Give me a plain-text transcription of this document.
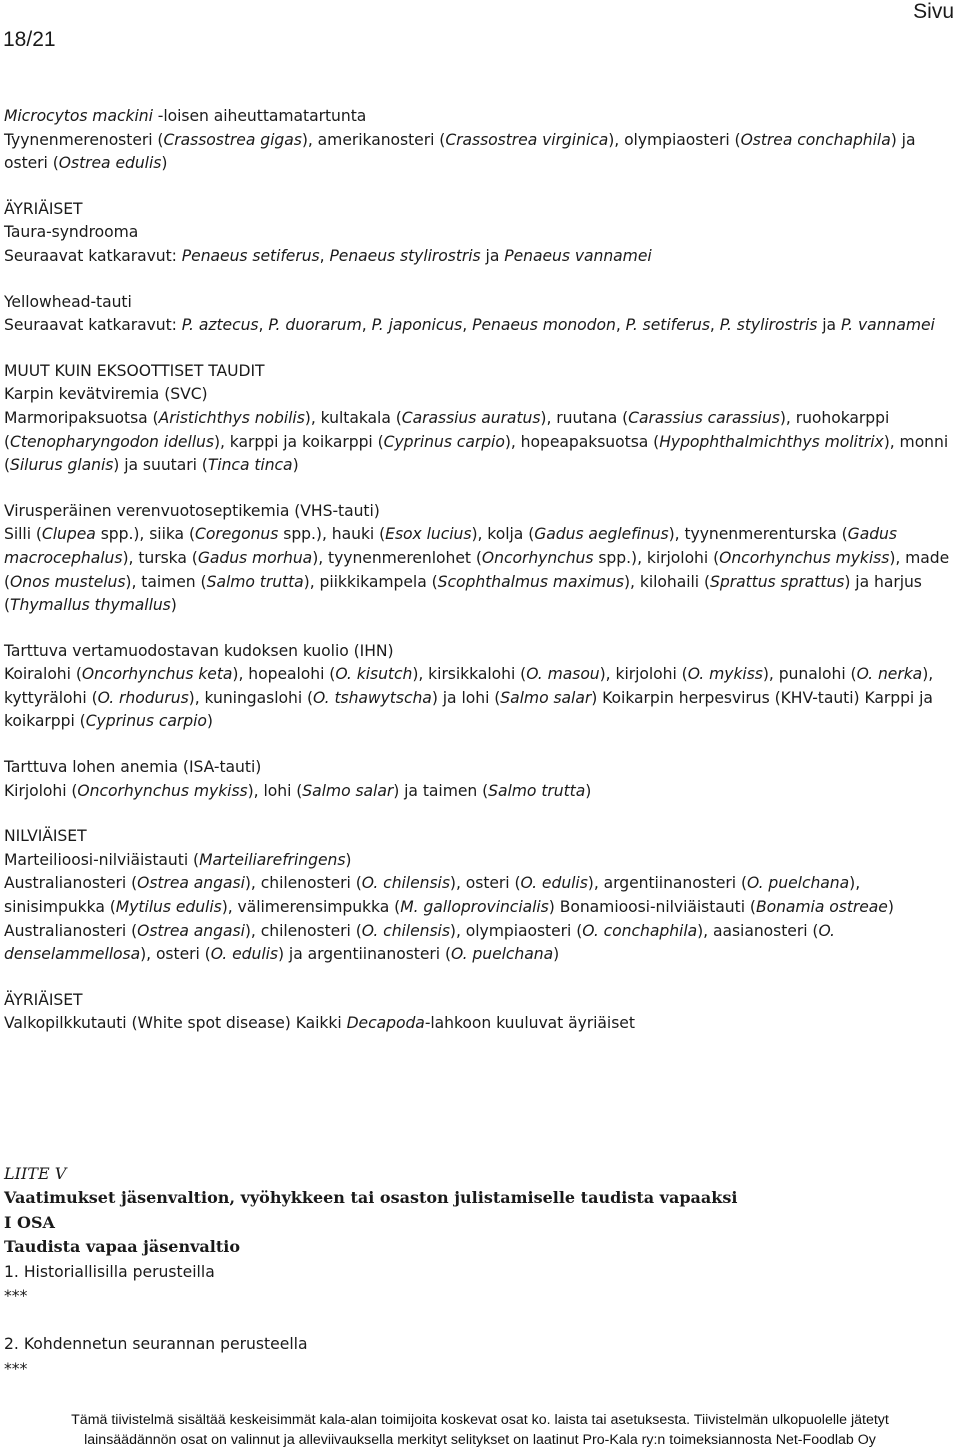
18/21
Sivu
Microcytos mackini -loisen aiheuttamatartunta
Tyynenmerenosteri (Crassostrea gigas), amerikanosteri (Crassostrea virginica), olympiaosteri (Ostrea conchaphila) ja osteri (Ostrea edulis)
ÄYRIÄISET
Taura-syndrooma
Seuraavat katkaravut: Penaeus setiferus, Penaeus stylirostris ja Penaeus vannamei
Yellowhead-tauti
Seuraavat katkaravut: P. aztecus, P. duorarum, P. japonicus, Penaeus monodon, P. setiferus, P. stylirostris ja P. vannamei
MUUT KUIN EKSOOTTISET TAUDIT
Karpin kevätviremia (SVC)
Marmoripaksuotsa (Aristichthys nobilis), kultakala (Carassius auratus), ruutana (Carassius carassius), ruohokarppi (Ctenopharyngodon idellus), karppi ja koikarppi (Cyprinus carpio), hopeapaksuotsa (Hypophthalmichthys molitrix), monni (Silurus glanis) ja suutari (Tinca tinca)
Virusperäinen verenvuotoseptikemia (VHS-tauti)
Silli (Clupea spp.), siika (Coregonus spp.), hauki (Esox lucius), kolja (Gadus aeglefinus), tyynenmerenturska (Gadus macrocephalus), turska (Gadus morhua), tyynenmerenlohet (Oncorhynchus spp.), kirjolohi (Oncorhynchus mykiss), made (Onos mustelus), taimen (Salmo trutta), piikkikampela (Scophthalmus maximus), kilohaili (Sprattus sprattus) ja harjus (Thymallus thymallus)
Tarttuva vertamuodostavan kudoksen kuolio (IHN)
Koiralohi (Oncorhynchus keta), hopealohi (O. kisutch), kirsikkalohi (O. masou), kirjolohi (O. mykiss), punalohi (O. nerka), kyttyrälohi (O. rhodurus), kuningaslohi (O. tshawytscha) ja lohi (Salmo salar) Koikarpin herpesvirus (KHV-tauti) Karppi ja koikarppi (Cyprinus carpio)
Tarttuva lohen anemia (ISA-tauti)
Kirjolohi (Oncorhynchus mykiss), lohi (Salmo salar) ja taimen (Salmo trutta)
NILVIÄISET
Marteilioosi-nilviäistauti (Marteiliarefringens)
Australianosteri (Ostrea angasi), chilenosteri (O. chilensis), osteri (O. edulis), argentiinanosteri (O. puelchana), sinisimpukka (Mytilus edulis), välimerensimpukka (M. galloprovincialis) Bonamioosi-nilviäistauti (Bonamia ostreae) Australianosteri (Ostrea angasi), chilenosteri (O. chilensis), olympiaosteri (O. conchaphila), aasianosteri (O. denselammellosa), osteri (O. edulis) ja argentiinanosteri (O. puelchana)
ÄYRIÄISET
Valkopilkkutauti (White spot disease) Kaikki Decapoda-lahkoon kuuluvat äyriäiset
LIITE V
Vaatimukset jäsenvaltion, vyöhykkeen tai osaston julistamiselle taudista vapaaksi
I OSA
Taudista vapaa jäsenvaltio
1. Historiallisilla perusteilla
***
2. Kohdennetun seurannan perusteella
***
Tämä tiivistelmä sisältää keskeisimmät kala-alan toimijoita koskevat osat ko. laista tai asetuksesta. Tiivistelmän ulkopuolelle jätetyt
lainsäädännön osat on valinnut ja alleviivauksella merkityt selitykset on laatinut Pro-Kala ry:n toimeksiannosta Net-Foodlab Oy
